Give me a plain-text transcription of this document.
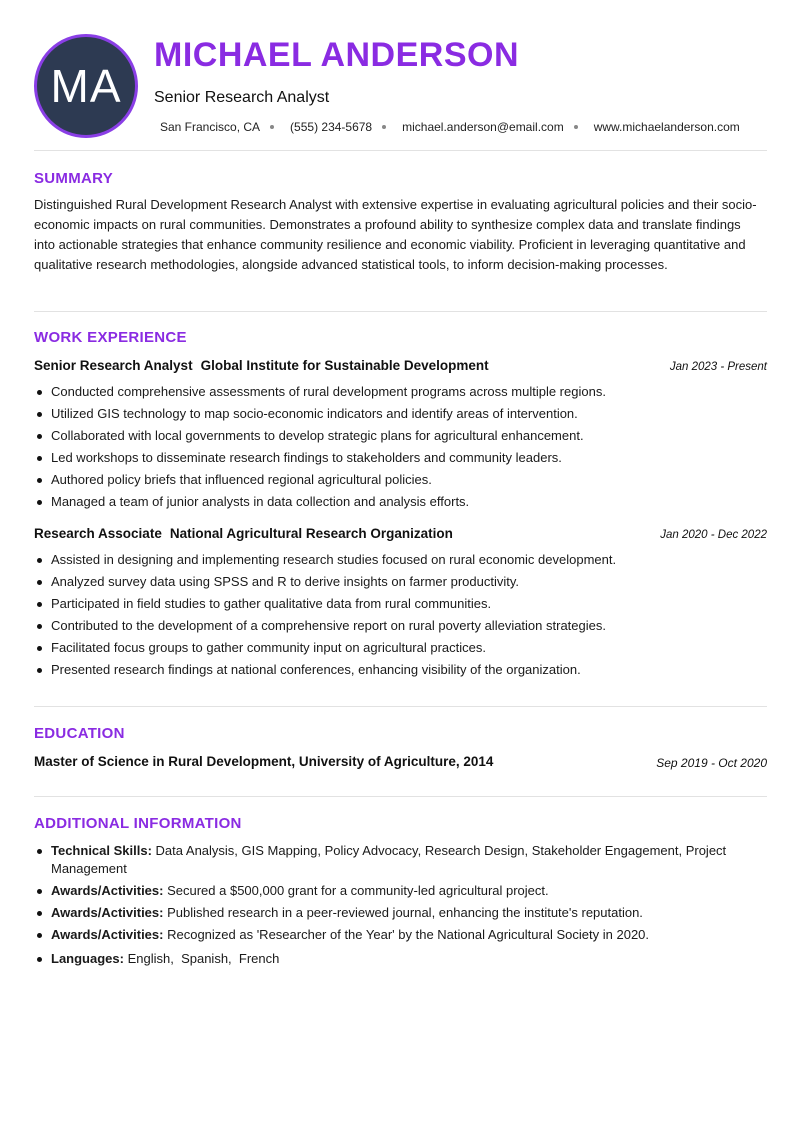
MA
MICHAEL ANDERSON
Senior Research Analyst
San Francisco, CA	(555) 234-5678	michael.anderson@email.com	www.michaelanderson.com
SUMMARY
Distinguished Rural Development Research Analyst with extensive expertise in evaluating agricultural policies and their socio-economic impacts on rural communities. Demonstrates a profound ability to synthesize complex data and translate findings into actionable strategies that enhance community resilience and economic viability. Proficient in leveraging quantitative and qualitative research methodologies, alongside advanced statistical tools, to inform decision-making processes.
WORK EXPERIENCE
Senior Research Analyst Global Institute for Sustainable Development	Jan 2023 - Present
Conducted comprehensive assessments of rural development programs across multiple regions.
Utilized GIS technology to map socio-economic indicators and identify areas of intervention.
Collaborated with local governments to develop strategic plans for agricultural enhancement.
Led workshops to disseminate research findings to stakeholders and community leaders.
Authored policy briefs that influenced regional agricultural policies.
Managed a team of junior analysts in data collection and analysis efforts.
Research Associate National Agricultural Research Organization	Jan 2020 - Dec 2022
Assisted in designing and implementing research studies focused on rural economic development.
Analyzed survey data using SPSS and R to derive insights on farmer productivity.
Participated in field studies to gather qualitative data from rural communities.
Contributed to the development of a comprehensive report on rural poverty alleviation strategies.
Facilitated focus groups to gather community input on agricultural practices.
Presented research findings at national conferences, enhancing visibility of the organization.
EDUCATION
Master of Science in Rural Development, University of Agriculture, 2014	Sep 2019 - Oct 2020
ADDITIONAL INFORMATION
Technical Skills: Data Analysis, GIS Mapping, Policy Advocacy, Research Design, Stakeholder Engagement, Project Management
Awards/Activities: Secured a $500,000 grant for a community-led agricultural project.
Awards/Activities: Published research in a peer-reviewed journal, enhancing the institute's reputation.
Awards/Activities: Recognized as 'Researcher of the Year' by the National Agricultural Society in 2020.
Languages: English,  Spanish,  French
